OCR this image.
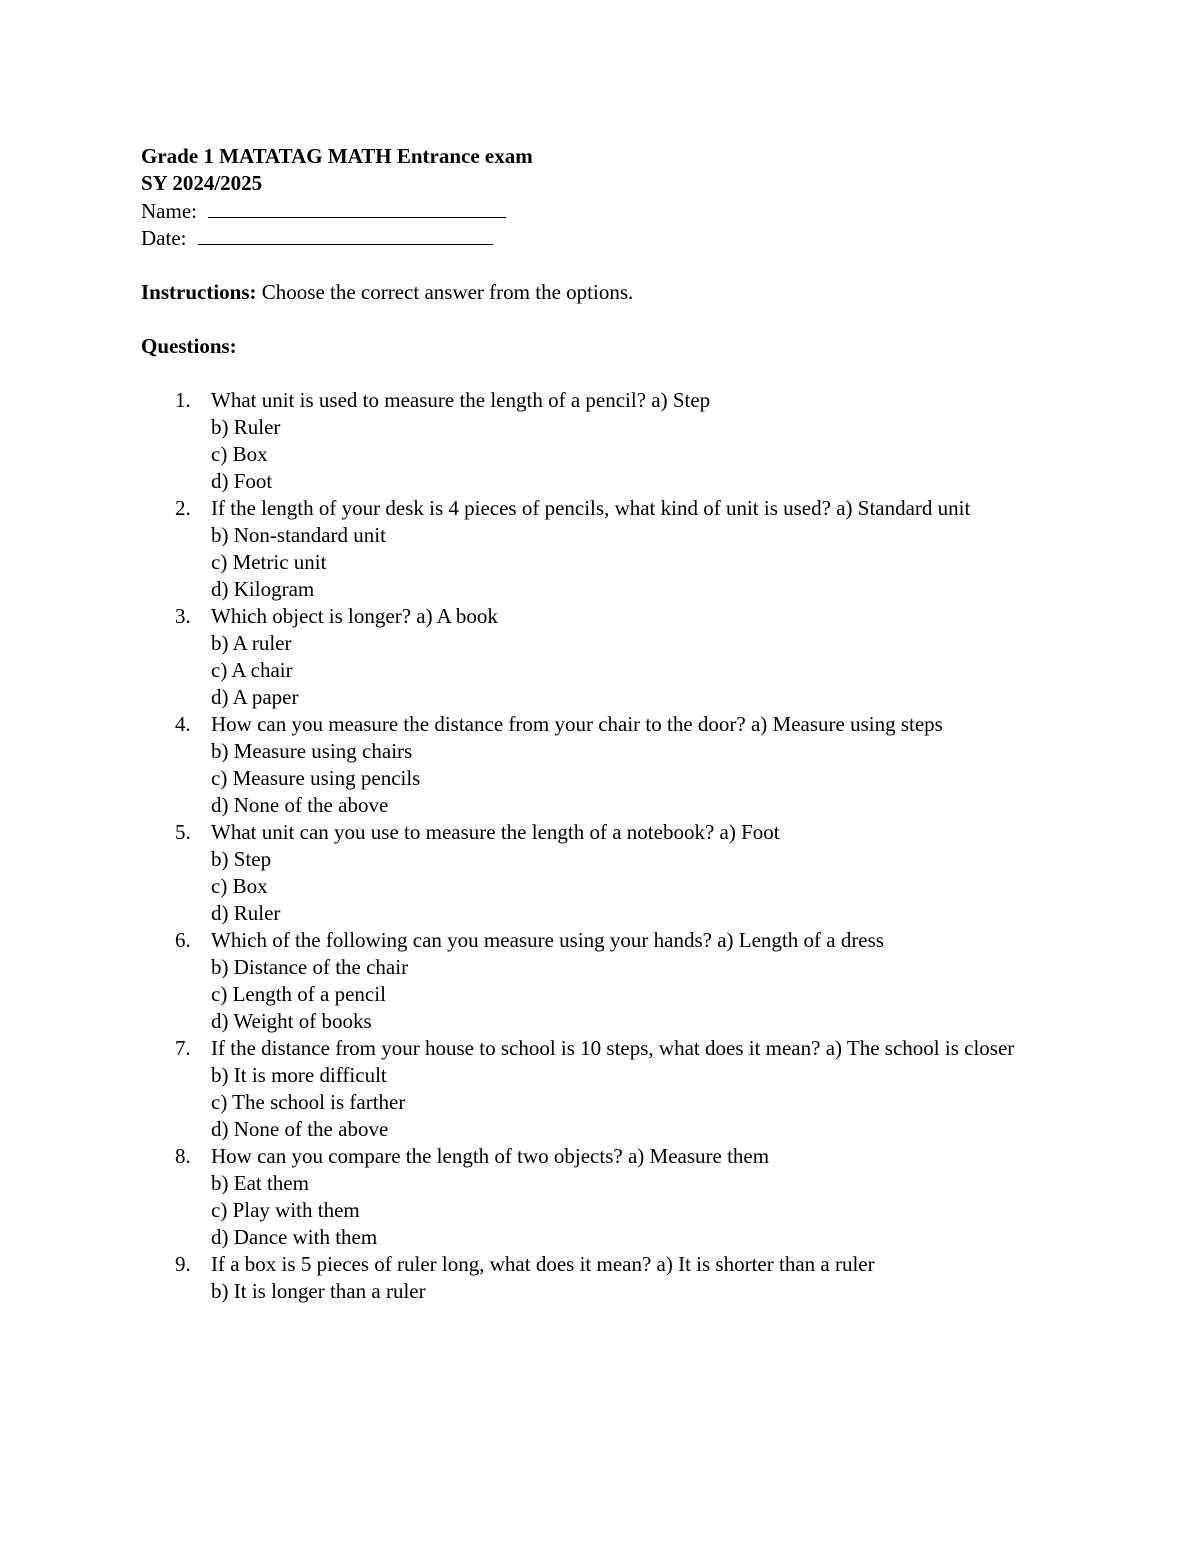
Grade 1 MATATAG MATH Entrance exam
SY 2024/2025
Name:
Date:
Instructions: Choose the correct answer from the options.
Questions:
1. What unit is used to measure the length of a pencil? a) Step
b) Ruler
c) Box
d) Foot
2. If the length of your desk is 4 pieces of pencils, what kind of unit is used? a) Standard unit
b) Non-standard unit
c) Metric unit
d) Kilogram
3. Which object is longer? a) A book
b) A ruler
c) A chair
d) A paper
4. How can you measure the distance from your chair to the door? a) Measure using steps
b) Measure using chairs
c) Measure using pencils
d) None of the above
5. What unit can you use to measure the length of a notebook? a) Foot
b) Step
c) Box
d) Ruler
6. Which of the following can you measure using your hands? a) Length of a dress
b) Distance of the chair
c) Length of a pencil
d) Weight of books
7. If the distance from your house to school is 10 steps, what does it mean? a) The school is closer
b) It is more difficult
c) The school is farther
d) None of the above
8. How can you compare the length of two objects? a) Measure them
b) Eat them
c) Play with them
d) Dance with them
9. If a box is 5 pieces of ruler long, what does it mean? a) It is shorter than a ruler
b) It is longer than a ruler
